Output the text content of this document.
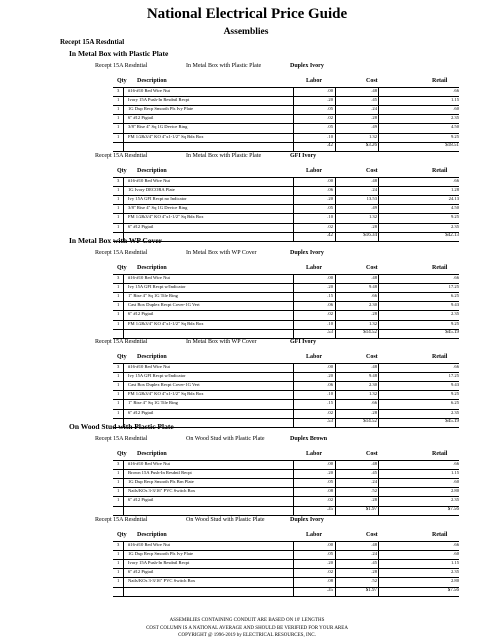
National Electrical Price Guide
Assemblies
Recept 15A Resdntial
In Metal Box with Plastic Plate
Recept 15A Resdntial	In Metal Box with Plastic Plate	Duplex Ivory
Qty Description	Labor	Cost	Retail
3 #16-#10 Red Wire Nut	.00	.48	.66
1 Ivory 15A Push-In Resdntl Recpt	.20	.45	1.15
1 1G Dup Recp Smooth Pls Ivy Plate	.05	.24	.60
1 6" #12 Pigtail	.02	.28	2.35
1 3/8" Rise 4" Sq 1G Device Ring	.05	.49	4.50
1 FM 1/2&3/4" KO 4"x1-1/2" Sq Bdx Box	.10	1.32	9.25
.42	$3.26	$18.51
Recept 15A Resdntial	In Metal Box with Plastic Plate	GFI Ivory
Qty Description	Labor	Cost	Retail
3 #16-#10 Red Wire Nut	.00	.48	.66
1 1G Ivory DECORA Plate	.06	.24	1.28
1 Ivy 15A GFI Recpt no Indicator	.20	13.53	24.13
1 3/8" Rise 4" Sq 1G Device Ring	.05	.49	4.50
1 FM 1/2&3/4" KO 4"x1-1/2" Sq Bdx Box	.10	1.32	9.25
1 6" #12 Pigtail	.02	.28	2.35
.42	$16.34	$42.13
In Metal Box with WP Cover
Recept 15A Resdntial	In Metal Box with WP Cover	Duplex Ivory
Qty Description	Labor	Cost	Retail
3 #16-#10 Red Wire Nut	.00	.48	.66
1 Ivy 15A GFI Recpt w/Indicator	.20	9.48	17.25
1 1" Rise 4" Sq 1G Tile Ring	.15	.66	6.25
1 Cast Box Duplex Recpt Cover-1G Vert	.06	2.30	9.43
1 6" #12 Pigtail	.02	.28	2.35
1 FM 1/2&3/4" KO 4"x1-1/2" Sq Bdx Box	.10	1.32	9.25
.53	$14.52	$45.19
Recept 15A Resdntial	In Metal Box with WP Cover	GFI Ivory
Qty Description	Labor	Cost	Retail
3 #16-#10 Red Wire Nut	.00	.48	.66
1 Ivy 15A GFI Recpt w/Indicator	.20	9.48	17.25
1 Cast Box Duplex Recpt Cover-1G Vert	.06	2.30	9.43
1 FM 1/2&3/4" KO 4"x1-1/2" Sq Bdx Box	.10	1.32	9.25
1 1" Rise 4" Sq 1G Tile Ring	.15	.66	6.25
1 6" #12 Pigtail	.02	.28	2.35
.53	$14.52	$45.19
On Wood Stud with Plastic Plate
Recept 15A Resdntial	On Wood Stud with Plastic Plate	Duplex Brown
Qty Description	Labor	Cost	Retail
3 #16-#10 Red Wire Nut	.00	.48	.66
1 Brown 15A Push-In Resdntl Recpt	.20	.45	1.15
1 1G Dup Recp Smooth Pls Brn Plate	.05	.24	.60
1 Nails/KOs 3-3/16" PVC Switch Box	.08	.52	2.80
1 6" #12 Pigtail	.02	.28	2.35
.35	$1.97	$7.56
Recept 15A Resdntial	On Wood Stud with Plastic Plate	Duplex Ivory
Qty Description	Labor	Cost	Retail
3 #16-#10 Red Wire Nut	.00	.48	.66
1 1G Dup Recp Smooth Pls Ivy Plate	.05	.24	.60
1 Ivory 15A Push-In Resdntl Recpt	.20	.45	1.15
1 6" #12 Pigtail	.02	.28	2.35
1 Nails/KOs 3-3/16" PVC Switch Box	.08	.52	2.80
.35	$1.97	$7.56
ASSEMBLIES CONTAINING CONDUIT ARE BASED ON 10' LENGTHS
COST COLUMN IS A NATIONAL AVERAGE AND SHOULD BE VERIFIED FOR YOUR AREA
COPYRIGHT @ 1996-2019 by ELECTRICAL RESOURCES, INC.
